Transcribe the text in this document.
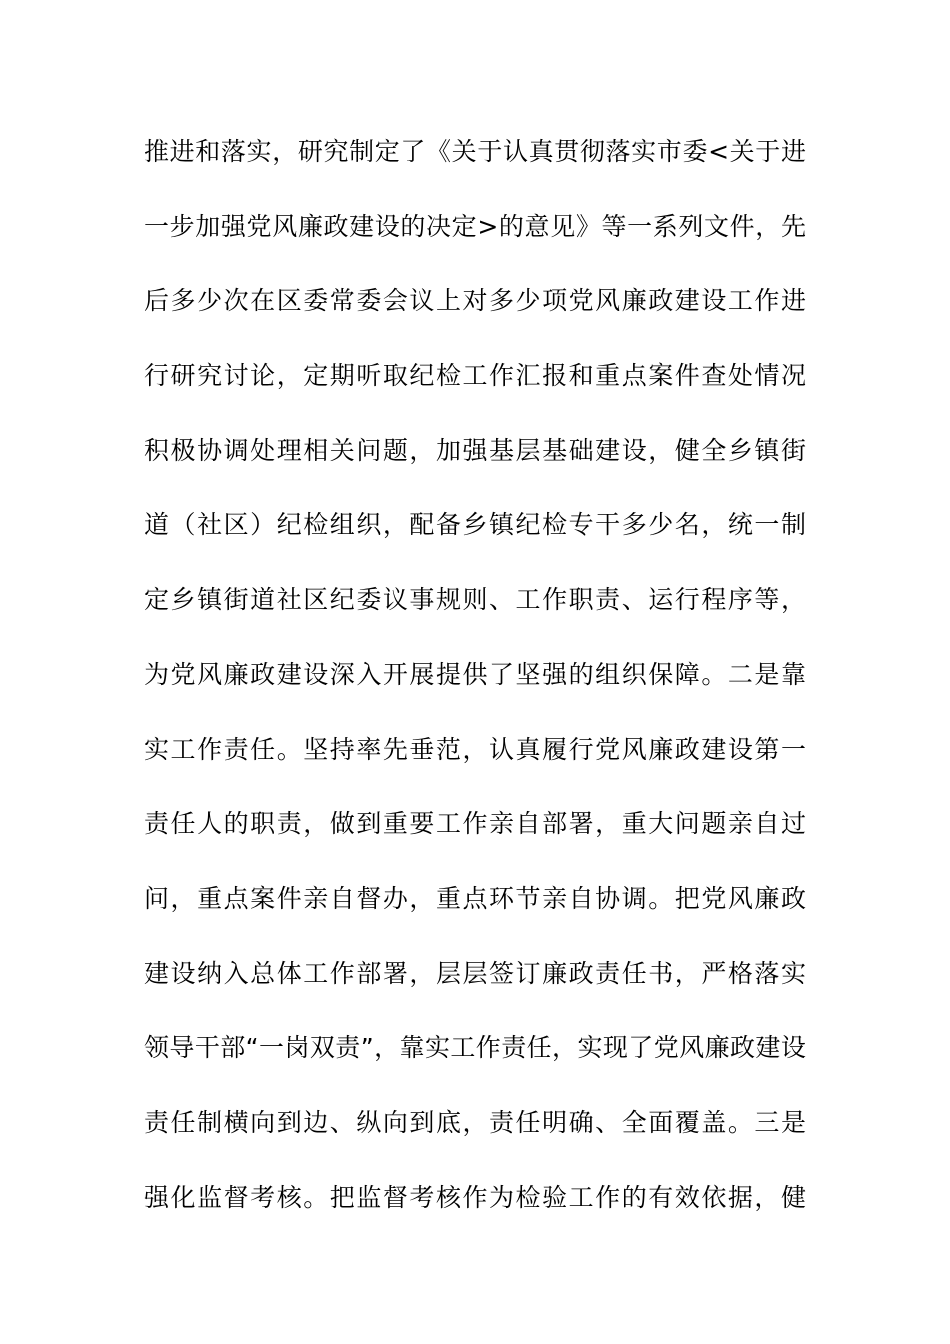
推进和落实，研究制定了《关于认真贯彻落实市委<关于进
一步加强党风廉政建设的决定>的意见》等一系列文件，先
后多少次在区委常委会议上对多少项党风廉政建设工作进
行研究讨论，定期听取纪检工作汇报和重点案件查处情况
积极协调处理相关问题，加强基层基础建设，健全乡镇街
道（社区）纪检组织，配备乡镇纪检专干多少名，统一制
定乡镇街道社区纪委议事规则、工作职责、运行程序等，
为党风廉政建设深入开展提供了坚强的组织保障。二是靠
实工作责任。坚持率先垂范，认真履行党风廉政建设第一
责任人的职责，做到重要工作亲自部署，重大问题亲自过
问，重点案件亲自督办，重点环节亲自协调。把党风廉政
建设纳入总体工作部署，层层签订廉政责任书，严格落实
领导干部“一岗双责”，靠实工作责任，实现了党风廉政建设
责任制横向到边、纵向到底，责任明确、全面覆盖。三是
强化监督考核。把监督考核作为检验工作的有效依据，健
